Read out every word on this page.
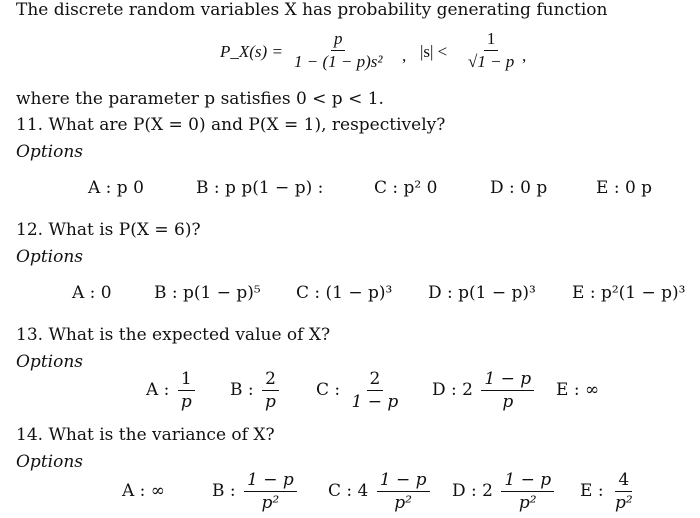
The discrete random variables X has probability generating function
P_X(s) = $\frac{p}{\text{1 − (1 − p)s²}}$ , $|s| < \frac{1}{√1 - p}$ ,
where the parameter p satisfies 0 < p < 1.
11. What are P(X = 0) and P(X = 1), respectively?
Options
A : p 0	B : p p(1 − p) :	C : p² 0	D : 0 p	E : 0 p
12. What is P(X = 6)?
Options
A : 0 B : p(1 − p)⁵ C : (1 − p)³ D : p(1 − p)³ E : p²(1 − p)³
13. What is the expected value of X?
Options
A : $\frac{1}{p}$ B : $\frac{2}{p}$ C : $\frac{2}{1 - p}$ D : $2 \frac{1 - p}{p}$ E : ∞
14. What is the variance of X?
Options
A : ∞	B : $\frac{1 - p}{\text{p²}}$ C : $4 \frac{1 - p}{\text{p²}}$ D : $2 \frac{1 - p}{\text{p²}}$ E : $\frac{4}{\text{p²}}$
